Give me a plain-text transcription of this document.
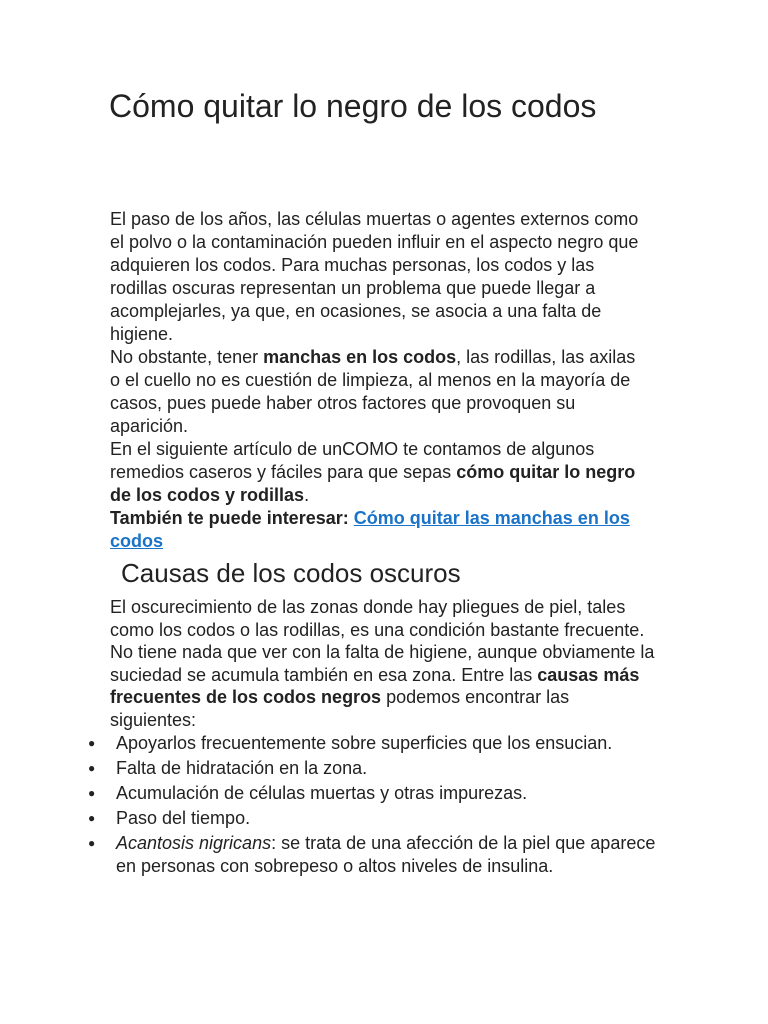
Cómo quitar lo negro de los codos

El paso de los años, las células muertas o agentes externos como el polvo o la contaminación pueden influir en el aspecto negro que adquieren los codos. Para muchas personas, los codos y las rodillas oscuras representan un problema que puede llegar a acomplejarles, ya que, en ocasiones, se asocia a una falta de higiene.

No obstante, tener manchas en los codos, las rodillas, las axilas o el cuello no es cuestión de limpieza, al menos en la mayoría de casos, pues puede haber otros factores que provoquen su aparición.

En el siguiente artículo de unCOMO te contamos de algunos remedios caseros y fáciles para que sepas cómo quitar lo negro de los codos y rodillas.

También te puede interesar: Cómo quitar las manchas en los codos

Causas de los codos oscuros

El oscurecimiento de las zonas donde hay pliegues de piel, tales como los codos o las rodillas, es una condición bastante frecuente. No tiene nada que ver con la falta de higiene, aunque obviamente la suciedad se acumula también en esa zona. Entre las causas más frecuentes de los codos negros podemos encontrar las siguientes:

● Apoyarlos frecuentemente sobre superficies que los ensucian.
● Falta de hidratación en la zona.
● Acumulación de células muertas y otras impurezas.
● Paso del tiempo.
● Acantosis nigricans: se trata de una afección de la piel que aparece en personas con sobrepeso o altos niveles de insulina.
